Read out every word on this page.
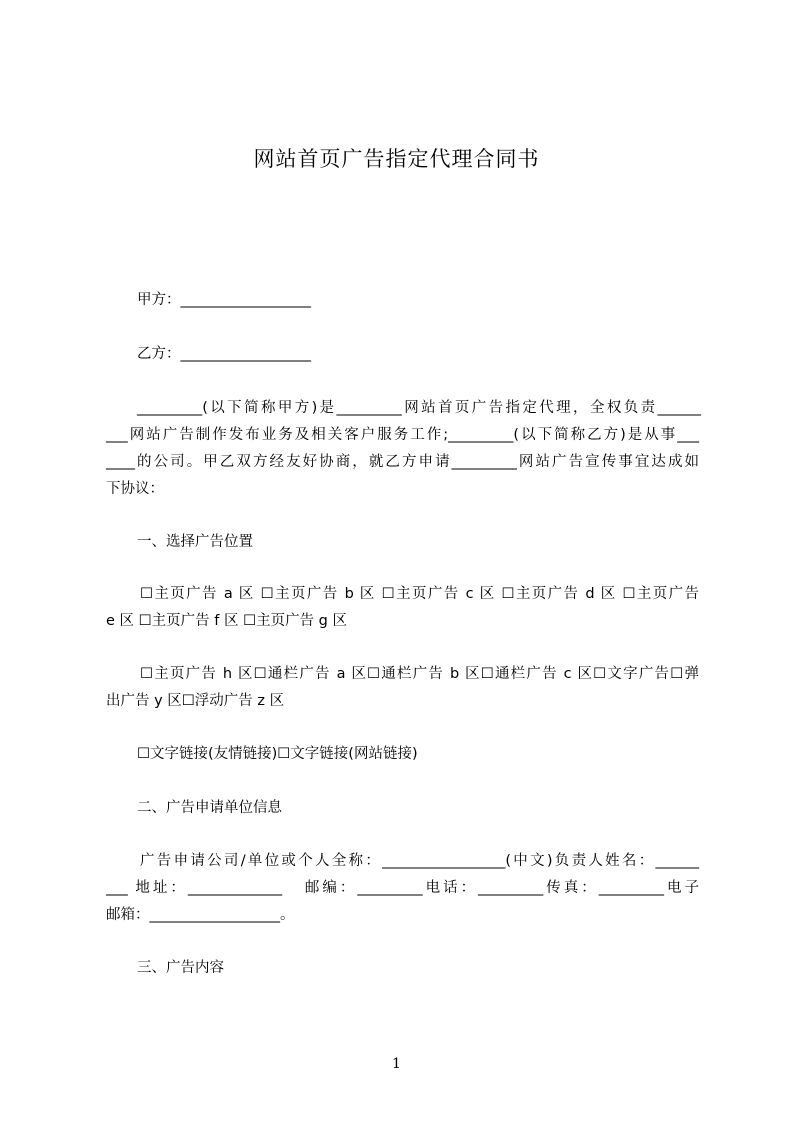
网站首页广告指定代理合同书
甲方：__________________
乙方：__________________
_________(以下简称甲方)是_________网站首页广告指定代理，全权负责______
___网站广告制作发布业务及相关客户服务工作;_________(以下简称乙方)是从事___
____的公司。甲乙双方经友好协商，就乙方申请_________网站广告宣传事宜达成如
下协议：
一、选择广告位置
☐主页广告 a 区 ☐主页广告 b 区 ☐主页广告 c 区 ☐主页广告 d 区 ☐主页广告
e 区 ☐主页广告 f 区 ☐主页广告 g 区
☐主页广告 h 区☐通栏广告 a 区☐通栏广告 b 区☐通栏广告 c 区☐文字广告☐弹
出广告 y 区☐浮动广告 z 区
☐文字链接(友情链接)☐文字链接(网站链接)
二、广告申请单位信息
广告申请公司/单位或个人全称：_________________(中文)负责人姓名：______
___ 地址：_____________   邮编：_________电话：_________传真：_________电子
邮箱：__________________。
三、广告内容
1
